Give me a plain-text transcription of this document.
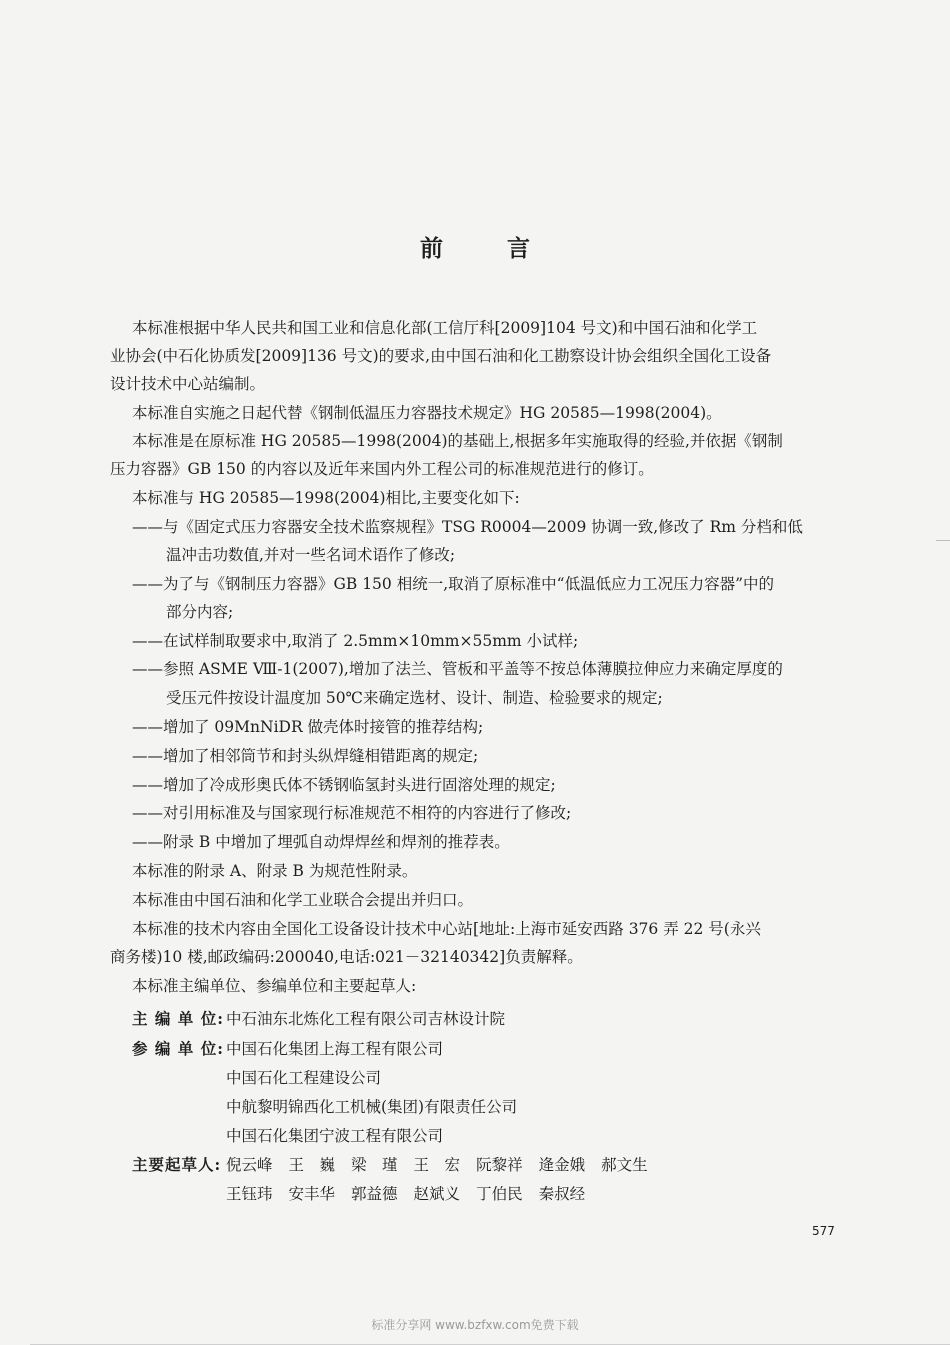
前	言
本标准根据中华人民共和国工业和信息化部(工信厅科[2009]104 号文)和中国石油和化学工
业协会(中石化协质发[2009]136 号文)的要求,由中国石油和化工勘察设计协会组织全国化工设备
设计技术中心站编制。
本标准自实施之日起代替《钢制低温压力容器技术规定》HG 20585—1998(2004)。
本标准是在原标准 HG 20585—1998(2004)的基础上,根据多年实施取得的经验,并依据《钢制
压力容器》GB 150 的内容以及近年来国内外工程公司的标准规范进行的修订。
本标准与 HG 20585—1998(2004)相比,主要变化如下:
——与《固定式压力容器安全技术监察规程》TSG R0004—2009 协调一致,修改了 Rm 分档和低
温冲击功数值,并对一些名词术语作了修改;
——为了与《钢制压力容器》GB 150 相统一,取消了原标准中“低温低应力工况压力容器”中的
部分内容;
——在试样制取要求中,取消了 2.5mm×10mm×55mm 小试样;
——参照 ASME Ⅷ-1(2007),增加了法兰、管板和平盖等不按总体薄膜拉伸应力来确定厚度的
受压元件按设计温度加 50℃来确定选材、设计、制造、检验要求的规定;
——增加了 09MnNiDR 做壳体时接管的推荐结构;
——增加了相邻筒节和封头纵焊缝相错距离的规定;
——增加了冷成形奥氏体不锈钢临氢封头进行固溶处理的规定;
——对引用标准及与国家现行标准规范不相符的内容进行了修改;
——附录 B 中增加了埋弧自动焊焊丝和焊剂的推荐表。
本标准的附录 A、附录 B 为规范性附录。
本标准由中国石油和化学工业联合会提出并归口。
本标准的技术内容由全国化工设备设计技术中心站[地址:上海市延安西路 376 弄 22 号(永兴
商务楼)10 楼,邮政编码:200040,电话:021－32140342]负责解释。
本标准主编单位、参编单位和主要起草人:
主 编 单 位: 中石油东北炼化工程有限公司吉林设计院
参 编 单 位: 中国石化集团上海工程有限公司
中国石化工程建设公司
中航黎明锦西化工机械(集团)有限责任公司
中国石化集团宁波工程有限公司
主要起草人: 倪云峰 王　巍 梁　瑾 王　宏 阮黎祥 逄金娥 郝文生
王钰玮 安丰华 郭益德 赵斌义 丁伯民 秦叔经
577
标准分享网 www.bzfxw.com免费下载
